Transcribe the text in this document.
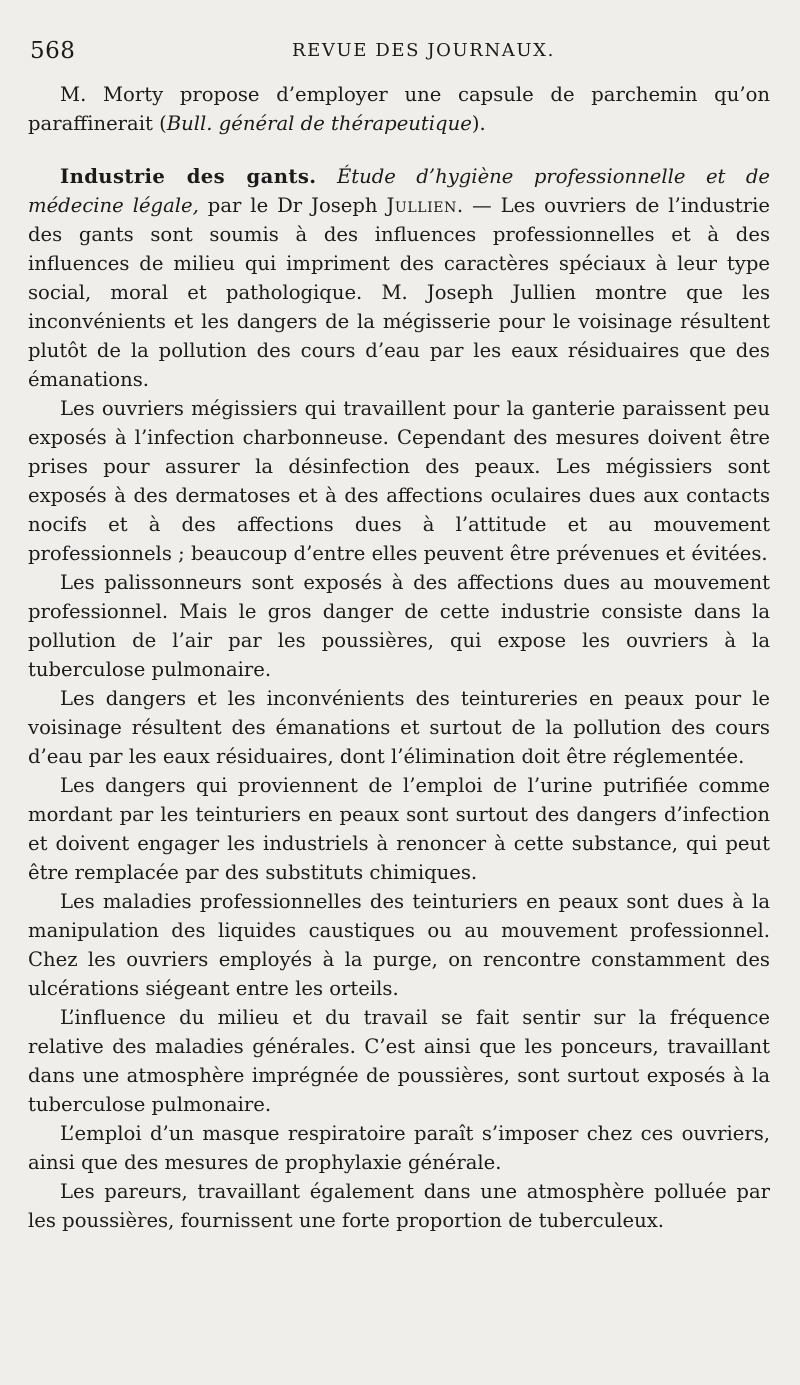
568	REVUE DES JOURNAUX.

M. Morty propose d’employer une capsule de parchemin qu’on paraffinerait (Bull. général de thérapeutique).

Industrie des gants. Étude d’hygiène professionnelle et de médecine légale, par le Dr Joseph Jullien. — Les ouvriers de l’industrie des gants sont soumis à des influences professionnelles et à des influences de milieu qui impriment des caractères spéciaux à leur type social, moral et pathologique. M. Joseph Jullien montre que les inconvénients et les dangers de la mégisserie pour le voisinage résultent plutôt de la pollution des cours d’eau par les eaux résiduaires que des émanations.

Les ouvriers mégissiers qui travaillent pour la ganterie paraissent peu exposés à l’infection charbonneuse. Cependant des mesures doivent être prises pour assurer la désinfection des peaux. Les mégissiers sont exposés à des dermatoses et à des affections oculaires dues aux contacts nocifs et à des affections dues à l’attitude et au mouvement professionnels ; beaucoup d’entre elles peuvent être prévenues et évitées.

Les palissonneurs sont exposés à des affections dues au mouvement professionnel. Mais le gros danger de cette industrie consiste dans la pollution de l’air par les poussières, qui expose les ouvriers à la tuberculose pulmonaire.

Les dangers et les inconvénients des teintureries en peaux pour le voisinage résultent des émanations et surtout de la pollution des cours d’eau par les eaux résiduaires, dont l’élimination doit être réglementée.

Les dangers qui proviennent de l’emploi de l’urine putrifiée comme mordant par les teinturiers en peaux sont surtout des dangers d’infection et doivent engager les industriels à renoncer à cette substance, qui peut être remplacée par des substituts chimiques.

Les maladies professionnelles des teinturiers en peaux sont dues à la manipulation des liquides caustiques ou au mouvement professionnel. Chez les ouvriers employés à la purge, on rencontre constamment des ulcérations siégeant entre les orteils.

L’influence du milieu et du travail se fait sentir sur la fréquence relative des maladies générales. C’est ainsi que les ponceurs, travaillant dans une atmosphère imprégnée de poussières, sont surtout exposés à la tuberculose pulmonaire.

L’emploi d’un masque respiratoire paraît s’imposer chez ces ouvriers, ainsi que des mesures de prophylaxie générale.

Les pareurs, travaillant également dans une atmosphère polluée par les poussières, fournissent une forte proportion de tuberculeux.
